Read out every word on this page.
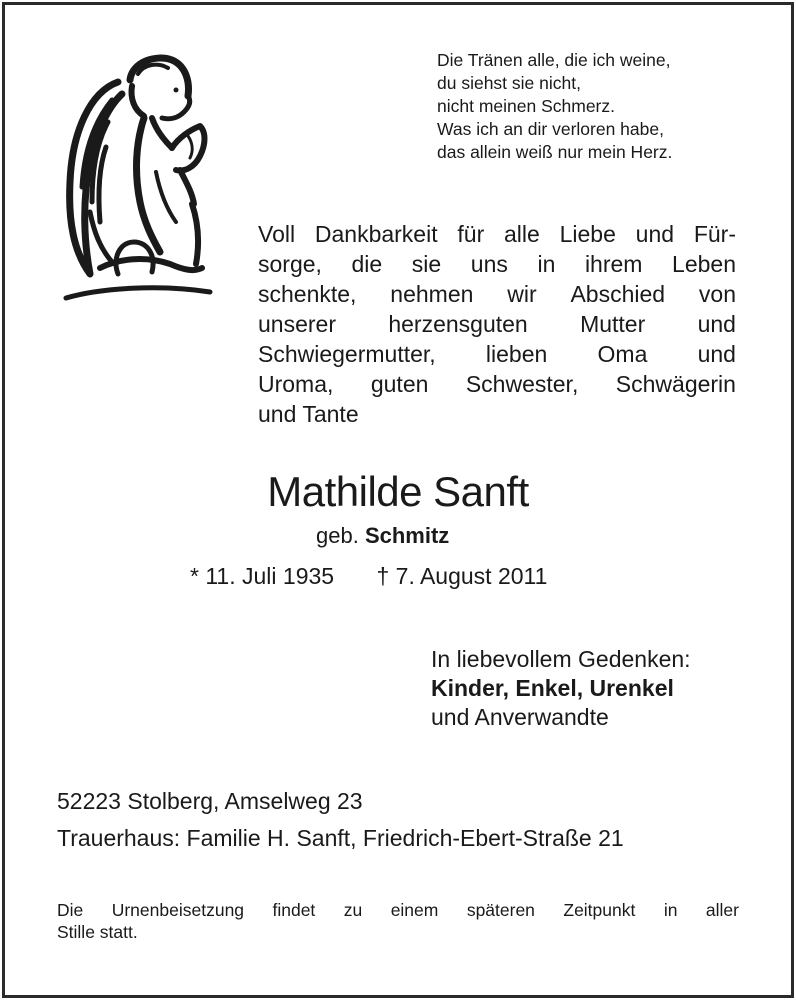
Die Tränen alle, die ich weine,
du siehst sie nicht,
nicht meinen Schmerz.
Was ich an dir verloren habe,
das allein weiß nur mein Herz.
Voll Dankbarkeit für alle Liebe und Für-
sorge, die sie uns in ihrem Leben
schenkte, nehmen wir Abschied von
unserer herzensguten Mutter und
Schwiegermutter, lieben Oma und
Uroma, guten Schwester, Schwägerin
und Tante
Mathilde Sanft
geb. Schmitz
* 11. Juli 1935 † 7. August 2011
In liebevollem Gedenken:
Kinder, Enkel, Urenkel
und Anverwandte
52223 Stolberg, Amselweg 23
Trauerhaus: Familie H. Sanft, Friedrich-Ebert-Straße 21
Die Urnenbeisetzung findet zu einem späteren Zeitpunkt in aller
Stille statt.
